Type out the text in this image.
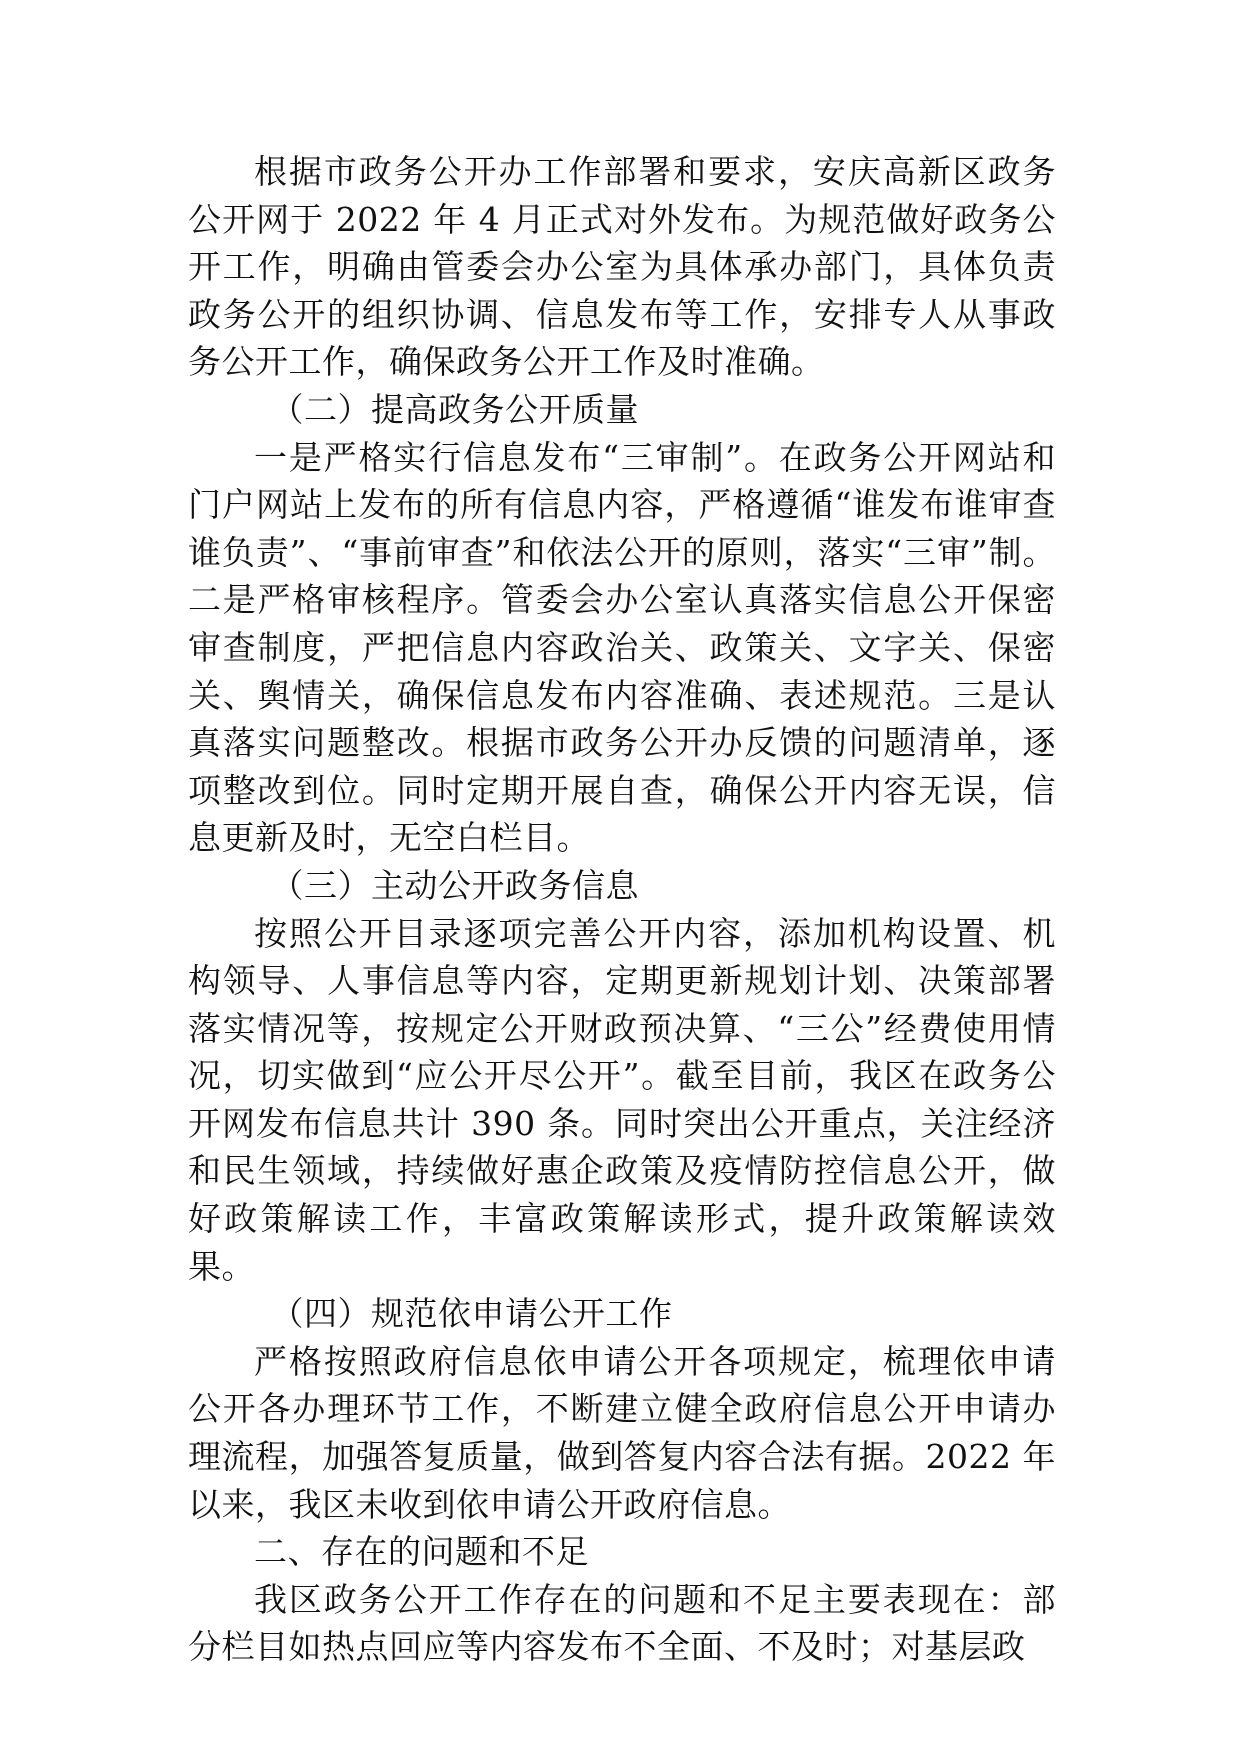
根据市政务公开办工作部署和要求，安庆高新区政务公开网于 2022 年 4 月正式对外发布。为规范做好政务公开工作，明确由管委会办公室为具体承办部门，具体负责政务公开的组织协调、信息发布等工作，安排专人从事政务公开工作，确保政务公开工作及时准确。

（二）提高政务公开质量

一是严格实行信息发布“三审制”。在政务公开网站和门户网站上发布的所有信息内容，严格遵循“谁发布谁审查谁负责”、“事前审查”和依法公开的原则，落实“三审”制。二是严格审核程序。管委会办公室认真落实信息公开保密审查制度，严把信息内容政治关、政策关、文字关、保密关、舆情关，确保信息发布内容准确、表述规范。三是认真落实问题整改。根据市政务公开办反馈的问题清单，逐项整改到位。同时定期开展自查，确保公开内容无误，信息更新及时，无空白栏目。

（三）主动公开政务信息

按照公开目录逐项完善公开内容，添加机构设置、机构领导、人事信息等内容，定期更新规划计划、决策部署落实情况等，按规定公开财政预决算、“三公”经费使用情况，切实做到“应公开尽公开”。截至目前，我区在政务公开网发布信息共计 390 条。同时突出公开重点，关注经济和民生领域，持续做好惠企政策及疫情防控信息公开，做好政策解读工作，丰富政策解读形式，提升政策解读效果。

（四）规范依申请公开工作

严格按照政府信息依申请公开各项规定，梳理依申请公开各办理环节工作，不断建立健全政府信息公开申请办理流程，加强答复质量，做到答复内容合法有据。2022 年以来，我区未收到依申请公开政府信息。

二、存在的问题和不足

我区政务公开工作存在的问题和不足主要表现在：部分栏目如热点回应等内容发布不全面、不及时；对基层政
